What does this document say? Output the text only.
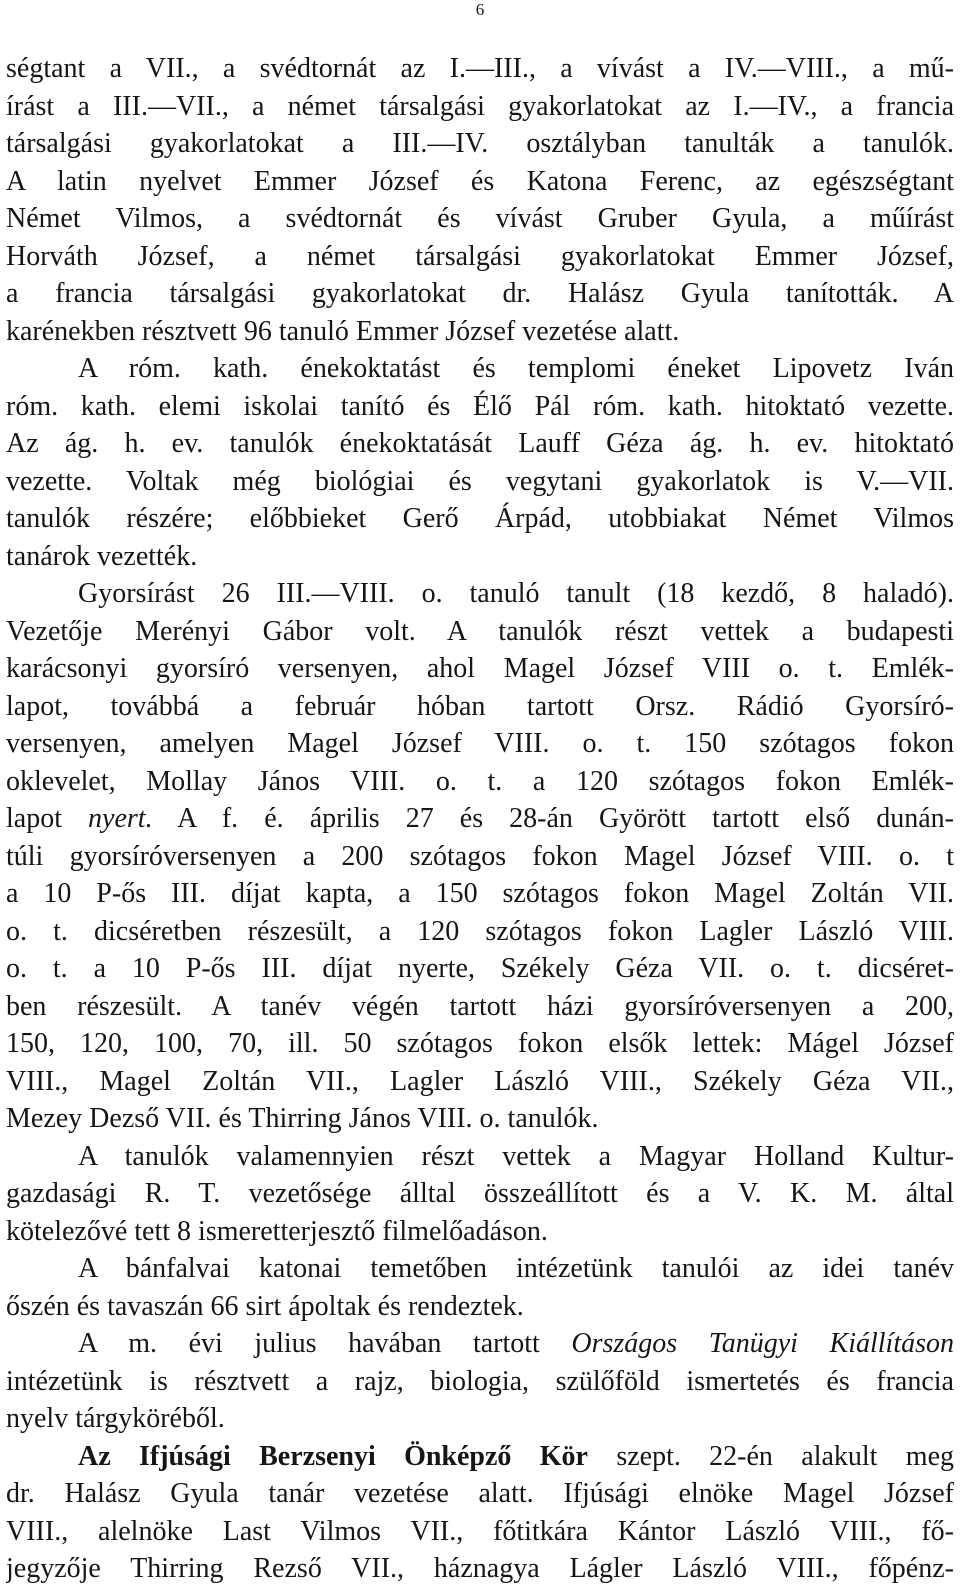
6
ségtant a VII., a svédtornát az I.—III., a vívást a IV.—VIII., a mű-
írást a III.—VII., a német társalgási gyakorlatokat az I.—IV., a francia
társalgási gyakorlatokat a III.—IV. osztályban tanulták a tanulók.
A latin nyelvet Emmer József és Katona Ferenc, az egészségtant
Német Vilmos, a svédtornát és vívást Gruber Gyula, a műírást
Horváth József, a német társalgási gyakorlatokat Emmer József,
a francia társalgási gyakorlatokat dr. Halász Gyula tanították. A
karénekben résztvett 96 tanuló Emmer József vezetése alatt.
A róm. kath. énekoktatást és templomi éneket Lipovetz Iván
róm. kath. elemi iskolai tanító és Élő Pál róm. kath. hitoktató vezette.
Az ág. h. ev. tanulók énekoktatását Lauff Géza ág. h. ev. hitoktató
vezette. Voltak még biológiai és vegytani gyakorlatok is V.—VII.
tanulók részére; előbbieket Gerő Árpád, utobbiakat Német Vilmos
tanárok vezették.
Gyorsírást 26 III.—VIII. o. tanuló tanult (18 kezdő, 8 haladó).
Vezetője Merényi Gábor volt. A tanulók részt vettek a budapesti
karácsonyi gyorsíró versenyen, ahol Magel József VIII o. t. Emlék-
lapot, továbbá a február hóban tartott Orsz. Rádió Gyorsíró-
versenyen, amelyen Magel József VIII. o. t. 150 szótagos fokon
oklevelet, Mollay János VIII. o. t. a 120 szótagos fokon Emlék-
lapot nyert. A f. é. április 27 és 28-án Györött tartott első dunán-
túli gyorsíróversenyen a 200 szótagos fokon Magel József VIII. o. t
a 10 P-ős III. díjat kapta, a 150 szótagos fokon Magel Zoltán VII.
o. t. dicséretben részesült, a 120 szótagos fokon Lagler László VIII.
o. t. a 10 P-ős III. díjat nyerte, Székely Géza VII. o. t. dicséret-
ben részesült. A tanév végén tartott házi gyorsíróversenyen a 200,
150, 120, 100, 70, ill. 50 szótagos fokon elsők lettek: Mágel József
VIII., Magel Zoltán VII., Lagler László VIII., Székely Géza VII.,
Mezey Dezső VII. és Thirring János VIII. o. tanulók.
A tanulók valamennyien részt vettek a Magyar Holland Kultur-
gazdasági R. T. vezetősége álltal összeállított és a V. K. M. által
kötelezővé tett 8 ismeretterjesztő filmelőadáson.
A bánfalvai katonai temetőben intézetünk tanulói az idei tanév
őszén és tavaszán 66 sirt ápoltak és rendeztek.
A m. évi julius havában tartott Országos Tanügyi Kiállításon
intézetünk is résztvett a rajz, biologia, szülőföld ismertetés és francia
nyelv tárgyköréből.
Az Ifjúsági Berzsenyi Önképző Kör szept. 22-én alakult meg
dr. Halász Gyula tanár vezetése alatt. Ifjúsági elnöke Magel József
VIII., alelnöke Last Vilmos VII., főtitkára Kántor László VIII., fő-
jegyzője Thirring Rezső VII., háznagya Lágler László VIII., főpénz-
